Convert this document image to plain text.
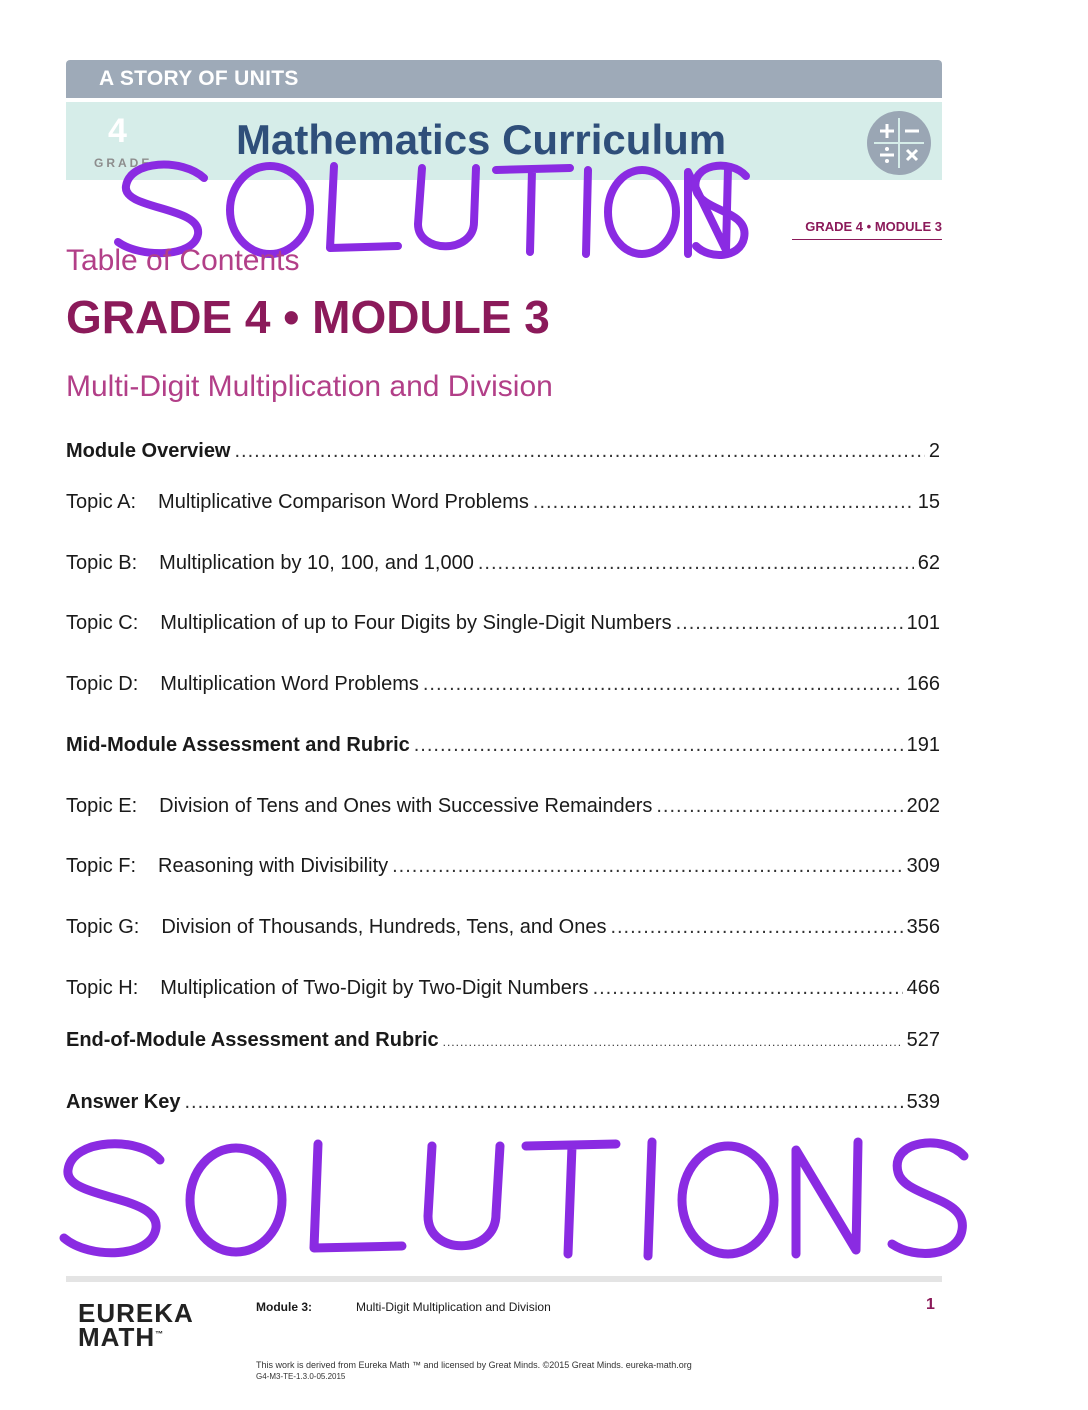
A STORY OF UNITS
4
GRADE Mathematics Curriculum
GRADE 4 • MODULE 3
Table of Contents
GRADE 4 • MODULE 3
Multi-Digit Multiplication and Division
Module Overview .....	2
Topic A: Multiplicative Comparison Word Problems .....	15
Topic B: Multiplication by 10, 100, and 1,000 .....	62
Topic C: Multiplication of up to Four Digits by Single-Digit Numbers .....	101
Topic D: Multiplication Word Problems .....	166
Mid-Module Assessment and Rubric .....	191
Topic E: Division of Tens and Ones with Successive Remainders .....	202
Topic F: Reasoning with Divisibility .....	309
Topic G: Division of Thousands, Hundreds, Tens, and Ones .....	356
Topic H: Multiplication of Two-Digit by Two-Digit Numbers .....	466
End-of-Module Assessment and Rubric .....	527
Answer Key .....	539
EUREKA
MATH™
Module 3:	Multi-Digit Multiplication and Division	1
This work is derived from Eureka Math ™ and licensed by Great Minds. ©2015 Great Minds. eureka-math.org
G4-M3-TE-1.3.0-05.2015
